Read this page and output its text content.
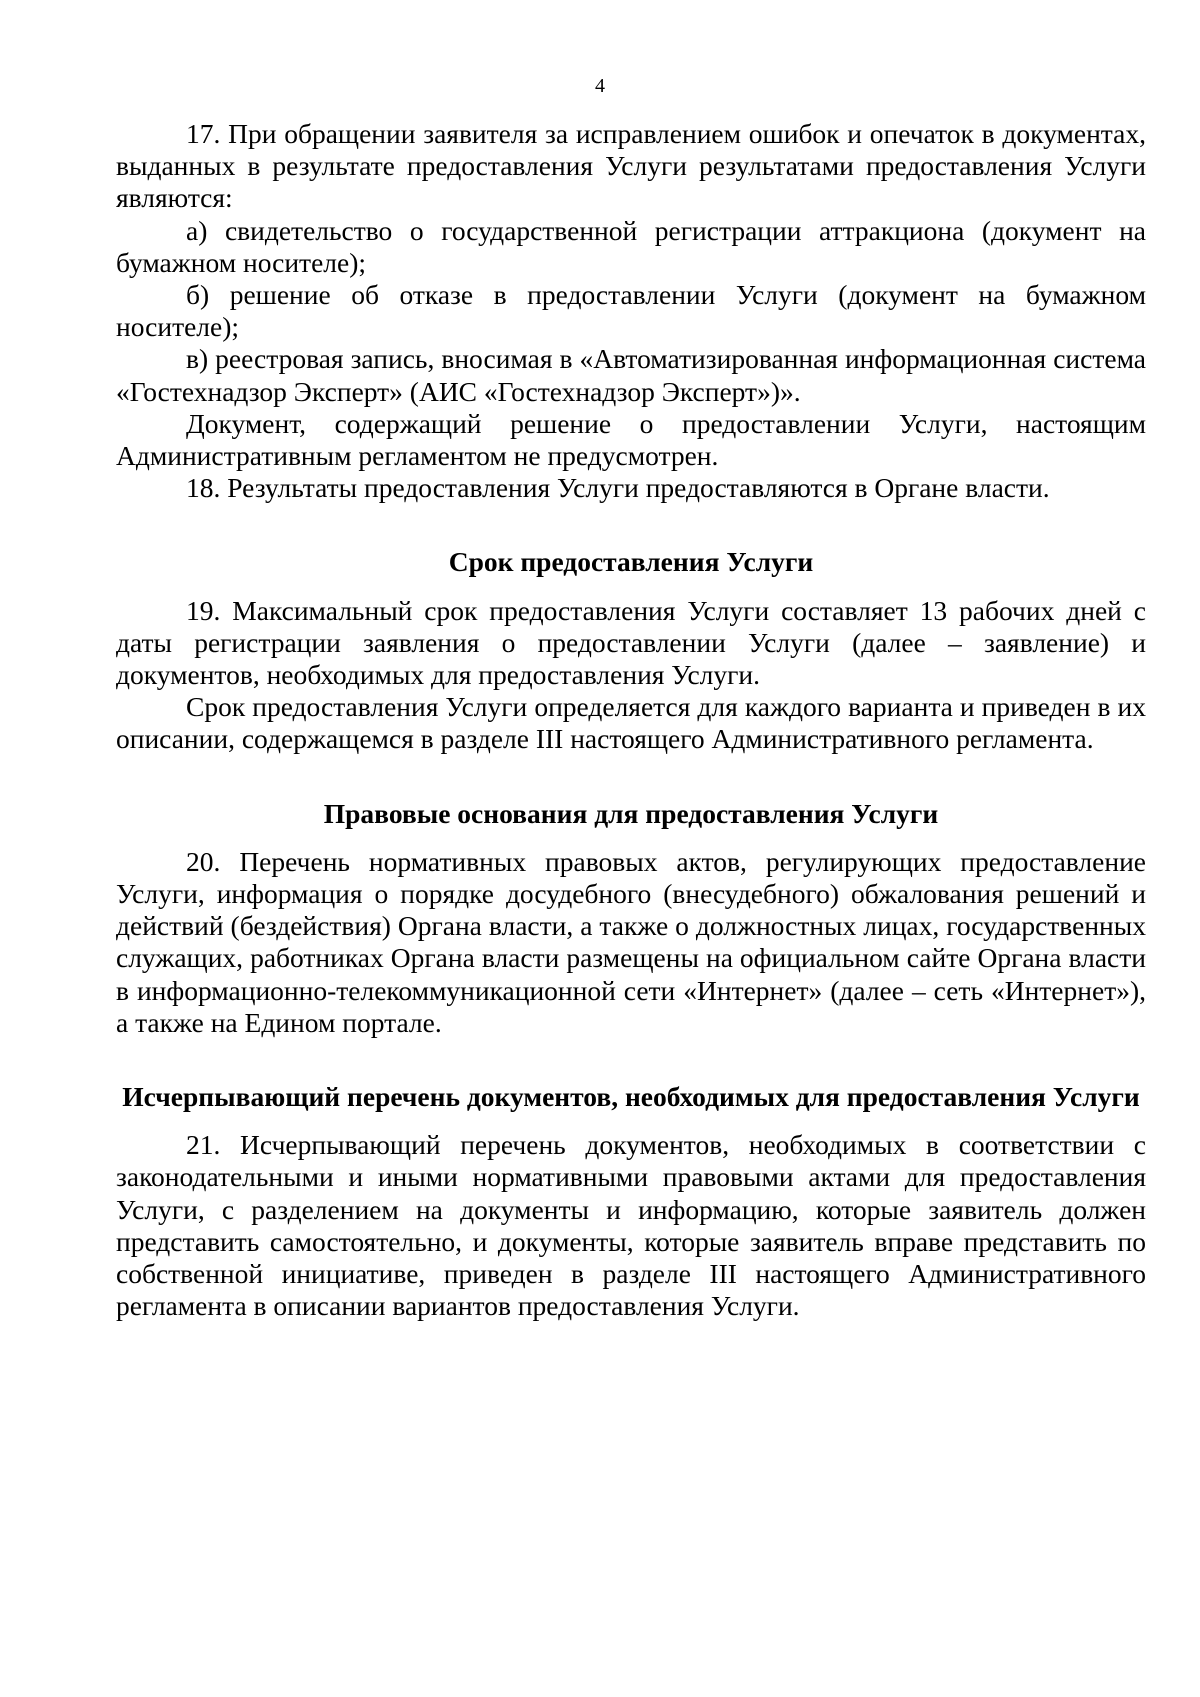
4

17. При обращении заявителя за исправлением ошибок и опечаток в документах, выданных в результате предоставления Услуги результатами предоставления Услуги являются:

а) свидетельство о государственной регистрации аттракциона (документ на бумажном носителе);

б) решение об отказе в предоставлении Услуги (документ на бумажном носителе);

в) реестровая запись, вносимая в «Автоматизированная информационная система «Гостехнадзор Эксперт» (АИС «Гостехнадзор Эксперт»)».

Документ, содержащий решение о предоставлении Услуги, настоящим Административным регламентом не предусмотрен.

18. Результаты предоставления Услуги предоставляются в Органе власти.

Срок предоставления Услуги

19. Максимальный срок предоставления Услуги составляет 13 рабочих дней с даты регистрации заявления о предоставлении Услуги (далее – заявление) и документов, необходимых для предоставления Услуги.

Срок предоставления Услуги определяется для каждого варианта и приведен в их описании, содержащемся в разделе III настоящего Административного регламента.

Правовые основания для предоставления Услуги

20. Перечень нормативных правовых актов, регулирующих предоставление Услуги, информация о порядке досудебного (внесудебного) обжалования решений и действий (бездействия) Органа власти, а также о должностных лицах, государственных служащих, работниках Органа власти размещены на официальном сайте Органа власти в информационно-телекоммуникационной сети «Интернет» (далее – сеть «Интернет»), а также на Едином портале.

Исчерпывающий перечень документов, необходимых для предоставления Услуги

21. Исчерпывающий перечень документов, необходимых в соответствии с законодательными и иными нормативными правовыми актами для предоставления Услуги, с разделением на документы и информацию, которые заявитель должен представить самостоятельно, и документы, которые заявитель вправе представить по собственной инициативе, приведен в разделе III настоящего Административного регламента в описании вариантов предоставления Услуги.
